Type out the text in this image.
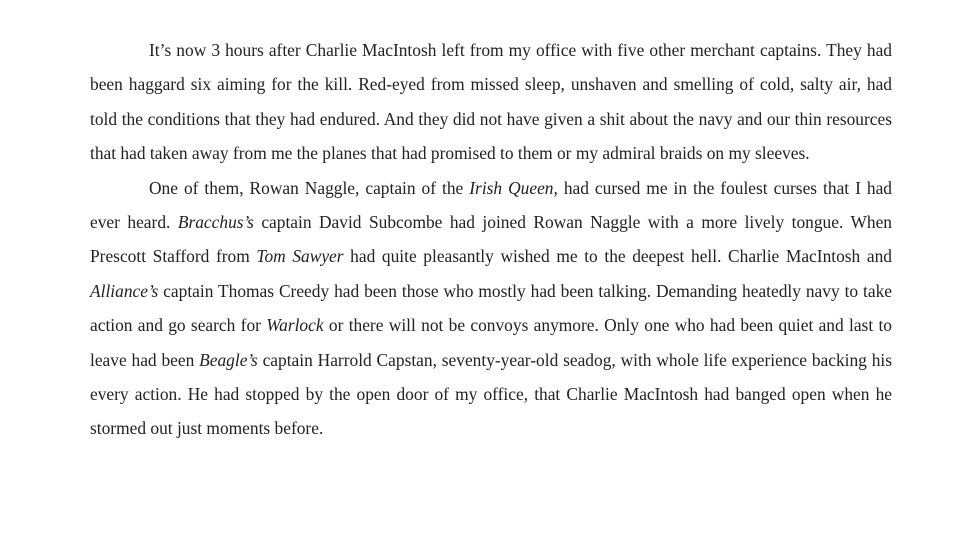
It’s now 3 hours after Charlie MacIntosh left from my office with five other merchant captains. They had been haggard six aiming for the kill. Red-eyed from missed sleep, unshaven and smelling of cold, salty air, had told the conditions that they had endured. And they did not have given a shit about the navy and our thin resources that had taken away from me the planes that had promised to them or my admiral braids on my sleeves.

One of them, Rowan Naggle, captain of the Irish Queen, had cursed me in the foulest curses that I had ever heard. Bracchus’s captain David Subcombe had joined Rowan Naggle with a more lively tongue. When Prescott Stafford from Tom Sawyer had quite pleasantly wished me to the deepest hell. Charlie MacIntosh and Alliance’s captain Thomas Creedy had been those who mostly had been talking. Demanding heatedly navy to take action and go search for Warlock or there will not be convoys anymore. Only one who had been quiet and last to leave had been Beagle’s captain Harrold Capstan, seventy-year-old seadog, with whole life experience backing his every action. He had stopped by the open door of my office, that Charlie MacIntosh had banged open when he stormed out just moments before.
